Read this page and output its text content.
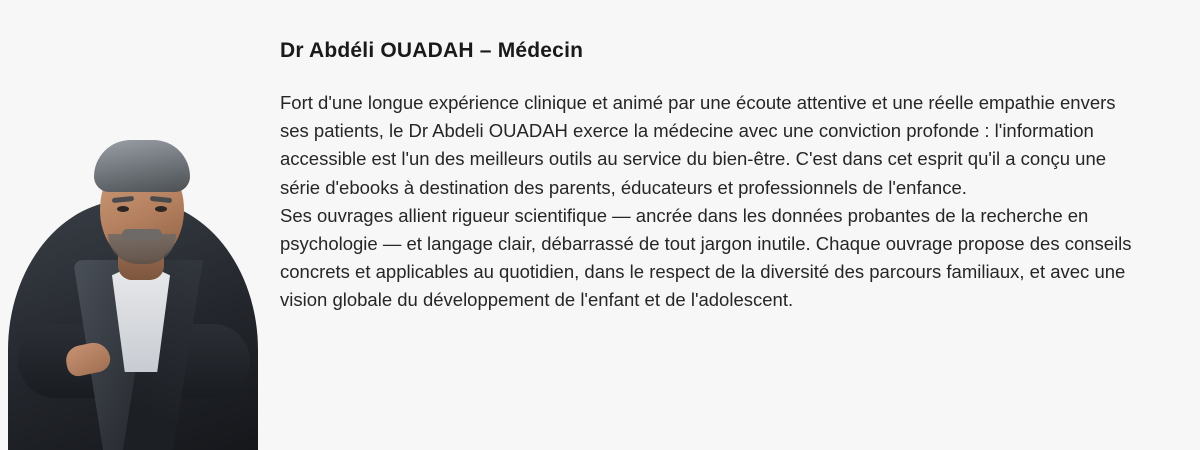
Dr Abdéli OUADAH – Médecin

Fort d'une longue expérience clinique et animé par une écoute attentive et une réelle empathie envers ses patients, le Dr Abdeli OUADAH exerce la médecine avec une conviction profonde : l'information accessible est l'un des meilleurs outils au service du bien-être. C'est dans cet esprit qu'il a conçu une série d'ebooks à destination des parents, éducateurs et professionnels de l'enfance.

Ses ouvrages allient rigueur scientifique — ancrée dans les données probantes de la recherche en psychologie — et langage clair, débarrassé de tout jargon inutile. Chaque ouvrage propose des conseils concrets et applicables au quotidien, dans le respect de la diversité des parcours familiaux, et avec une vision globale du développement de l'enfant et de l'adolescent.
